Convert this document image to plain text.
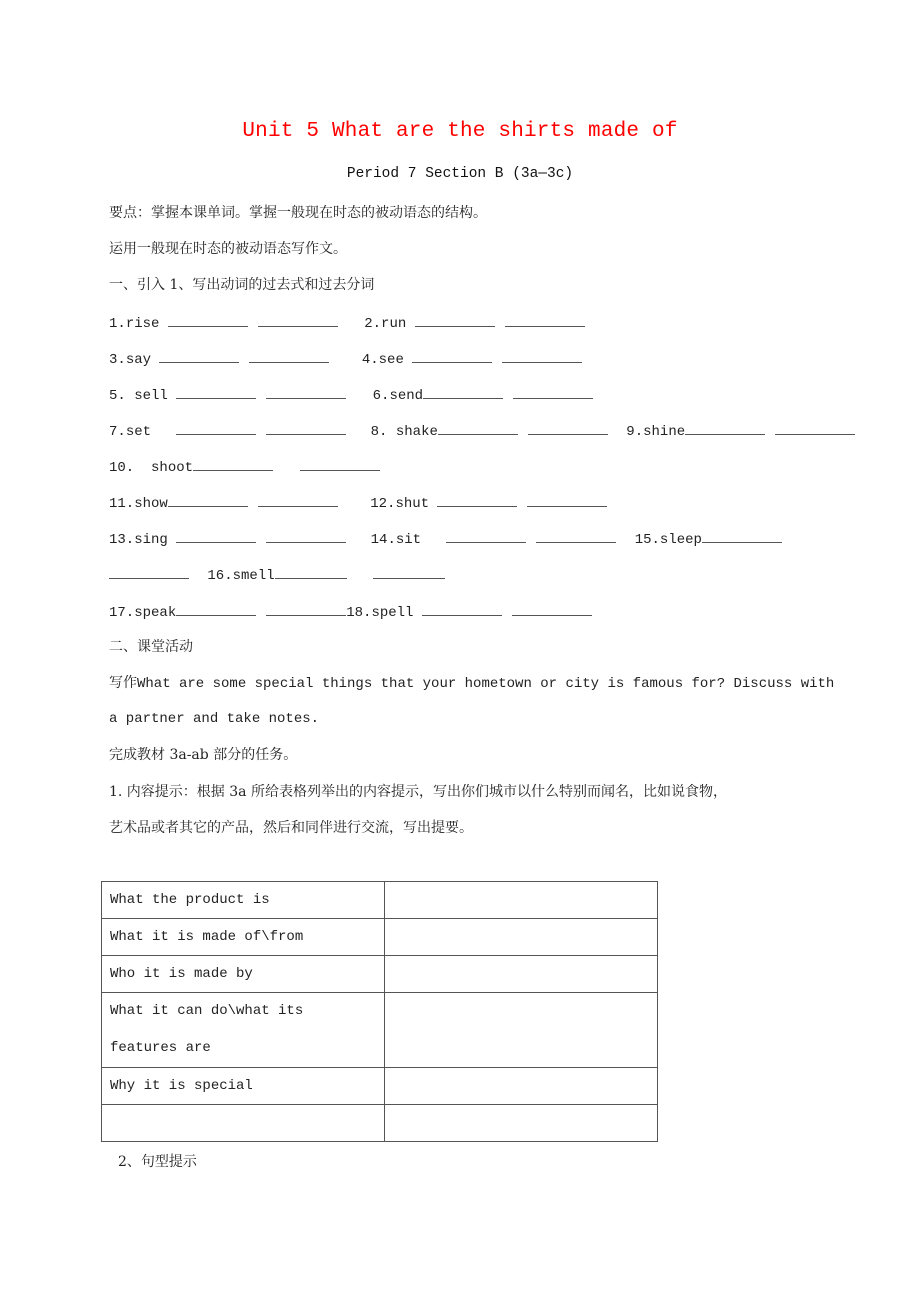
Unit 5 What are the shirts made of
Period 7 Section B (3a—3c)
要点：掌握本课单词。掌握一般现在时态的被动语态的结构。
运用一般现在时态的被动语态写作文。
一、引入 1、写出动词的过去式和过去分词
1.rise	2.run
3.say	4.see
5. sell	6.send
7.set	8. shake	9.shine
10. shoot
11.show	12.shut
13.sing	14.sit	15.sleep
16.smell
17.speak	18.spell
二、课堂活动
写作What are some special things that your hometown or city is famous for? Discuss with
a partner and take notes.
完成教材 3a-ab 部分的任务。
1. 内容提示：根据 3a 所给表格列举出的内容提示，写出你们城市以什么特别而闻名，比如说食物，
艺术品或者其它的产品，然后和同伴进行交流，写出提要。
What the product is	
What it is made of\from	
Who it is made by	
What it can do\what its features are	
Why it is special	

2、句型提示
